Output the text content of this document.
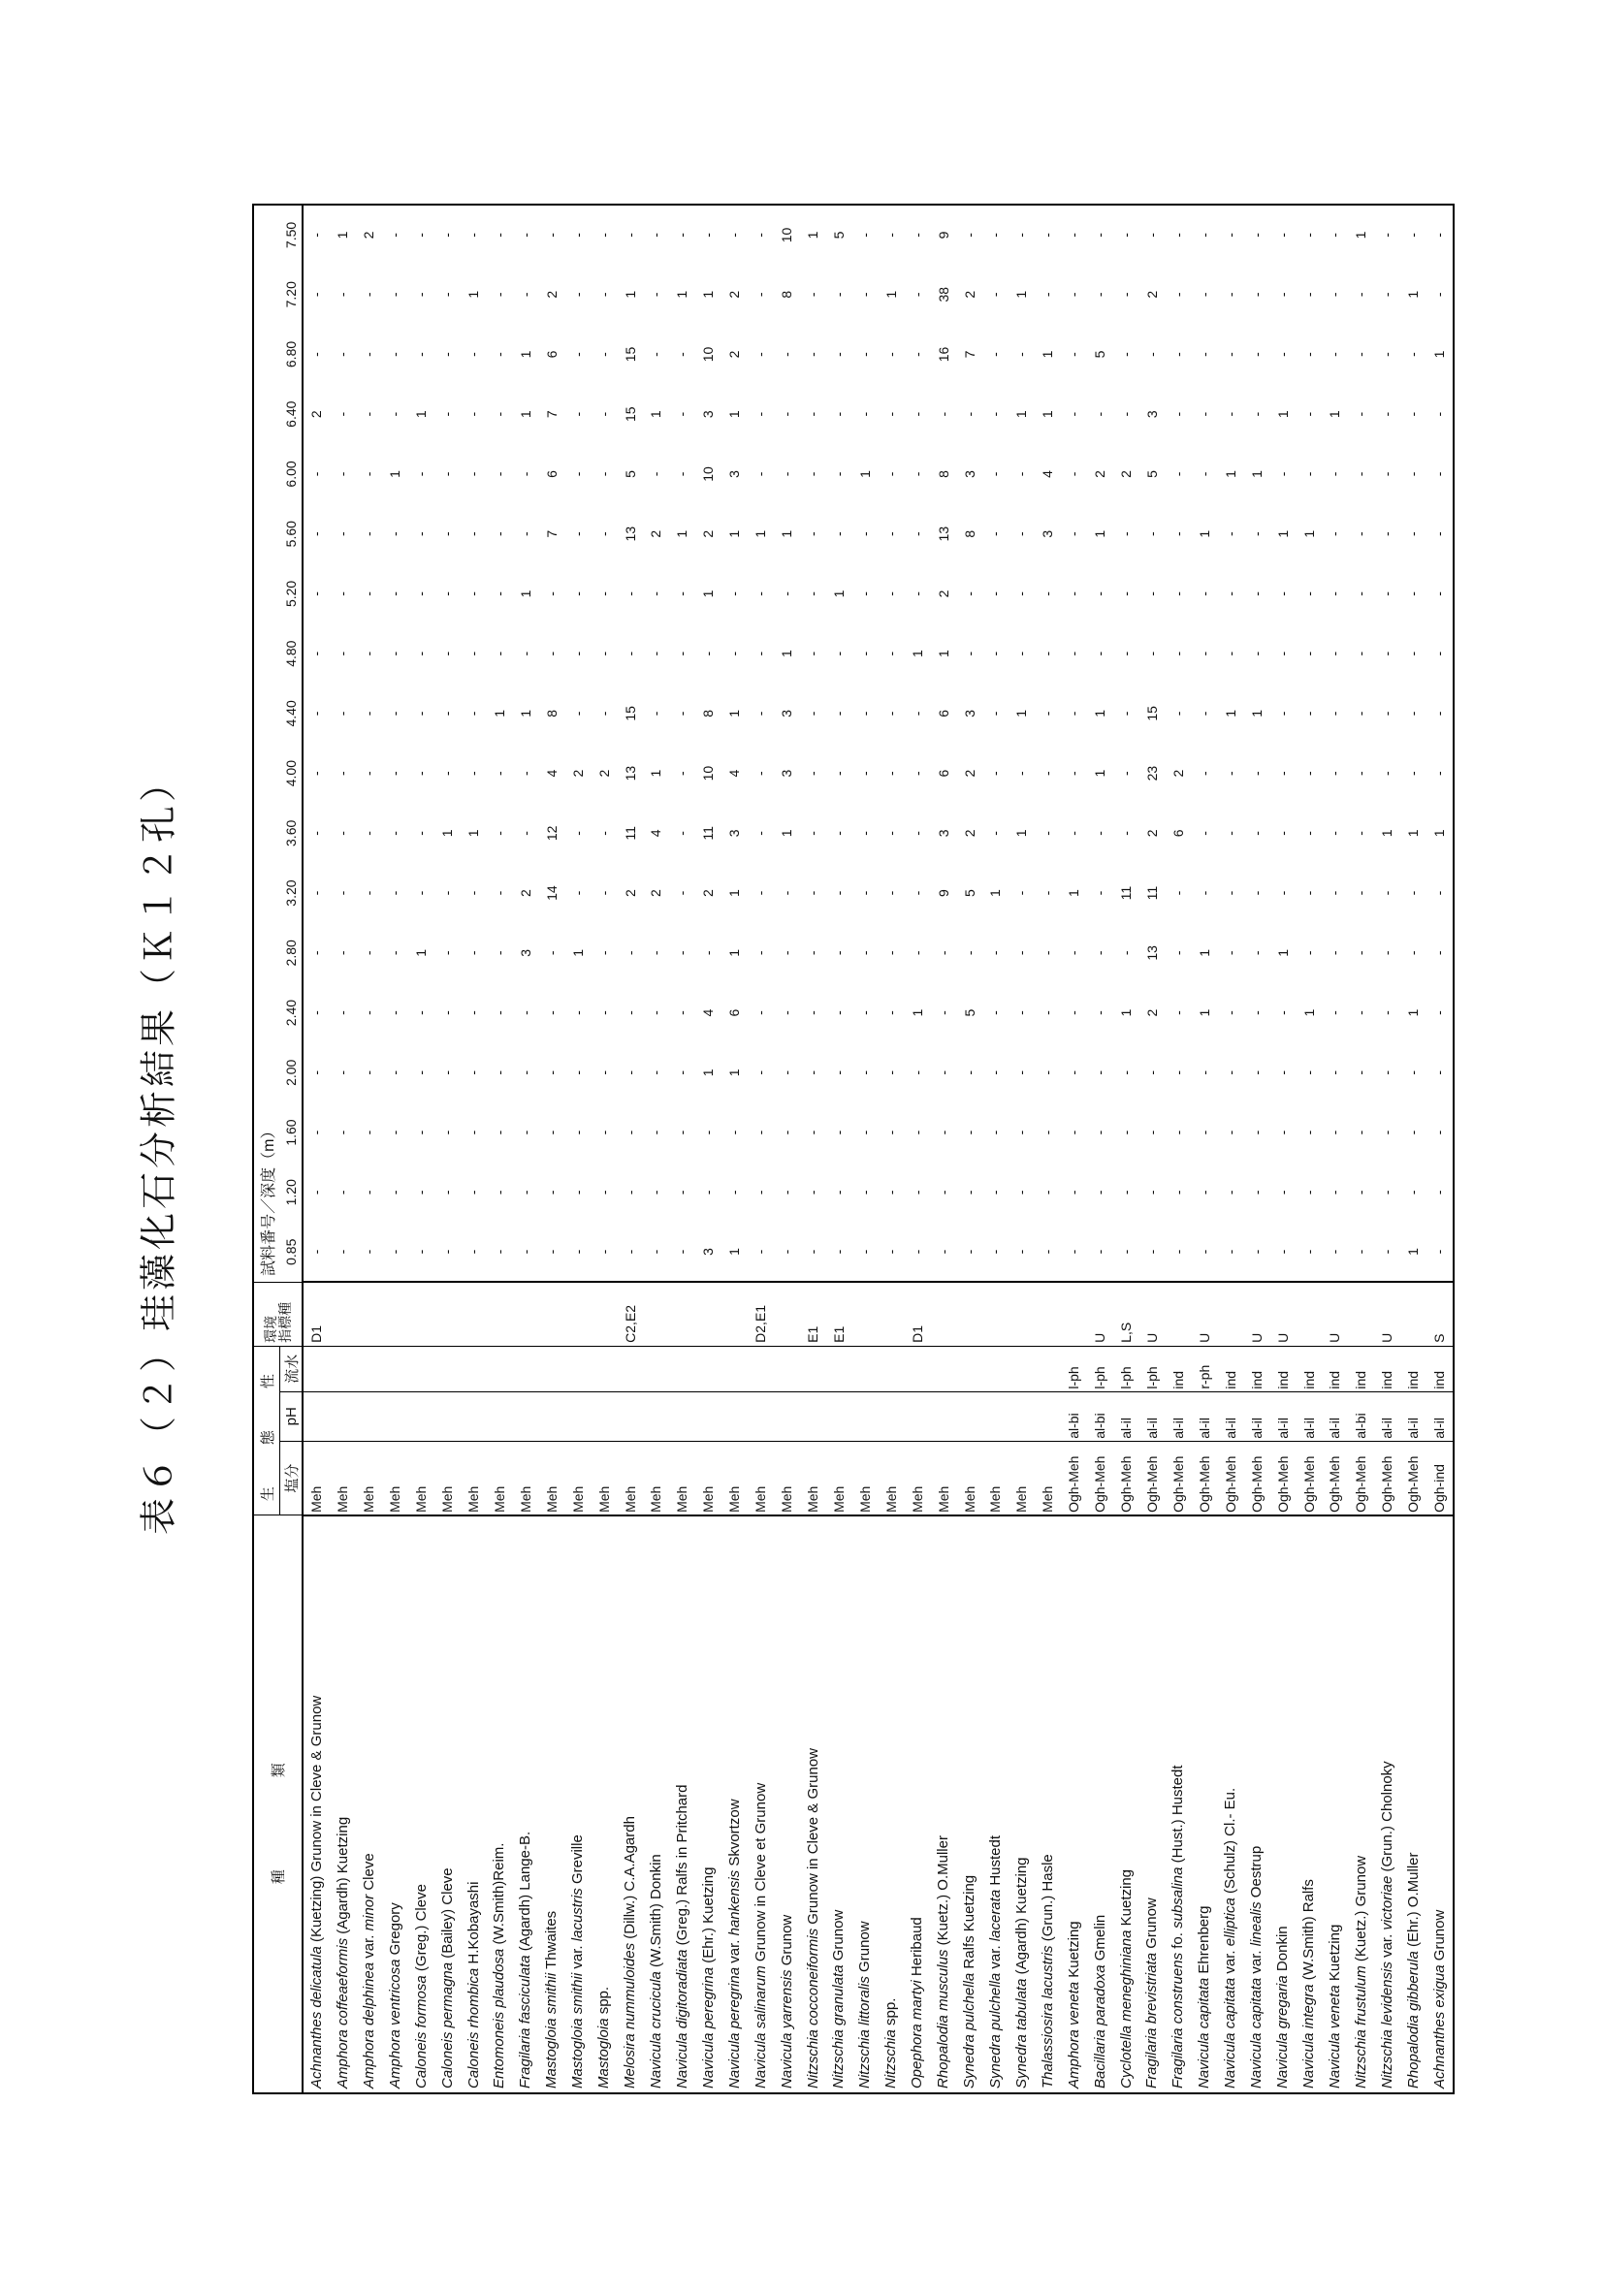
表６（２）珪藻化石分析結果（Ｋ１２孔）
種　類	生　態　性			環境
指標種	試料番号／深度（m）																	
	塩分	pH	流水		0.85	1.20	1.60	2.00	2.40	2.80	3.20	3.60	4.00	4.40	4.80	5.20	5.60	6.00	6.40	6.80	7.20	7.50
Achnanthes delicatula (Kuetzing) Grunow in Cleve & Grunow	Meh			D1	-	-	-	-	-	-	-	-	-	-	-	-	-	-	2	-	-	-
Amphora coffeaeformis (Agardh) Kuetzing	Meh				-	-	-	-	-	-	-	-	-	-	-	-	-	-	-	-	-	1
Amphora delphinea var. minor Cleve	Meh				-	-	-	-	-	-	-	-	-	-	-	-	-	-	-	-	-	2
Amphora ventricosa Gregory	Meh				-	-	-	-	-	-	-	-	-	-	-	-	-	1	-	-	-	-
Caloneis formosa (Greg.) Cleve	Meh				-	-	-	-	-	1	-	-	-	-	-	-	-	-	1	-	-	-
Caloneis permagna (Bailey) Cleve	Meh				-	-	-	-	-	-	-	1	-	-	-	-	-	-	-	-	-	-
Caloneis rhombica H.Kobayashi	Meh				-	-	-	-	-	-	-	1	-	-	-	-	-	-	-	-	1	-
Entomoneis plaudosa (W.Smith)Reim.	Meh				-	-	-	-	-	-	-	-	-	1	-	-	-	-	-	-	-	-
Fragilaria fasciculata (Agardh) Lange-B.	Meh				-	-	-	-	-	3	2	-	-	1	-	1	-	-	1	1	-	-
Mastogloia smithii Thwaites	Meh				-	-	-	-	-	-	14	12	4	8	-	-	7	6	7	6	2	-
Mastogloia smithii var. lacustris Greville	Meh				-	-	-	-	-	1	-	-	2	-	-	-	-	-	-	-	-	-
Mastogloia spp.	Meh				-	-	-	-	-	-	-	-	2	-	-	-	-	-	-	-	-	-
Melosira nummuloides (Dillw.) C.A.Agardh	Meh			C2,E2	-	-	-	-	-	-	2	11	13	15	-	-	13	5	15	15	1	-
Navicula crucicula (W.Smith) Donkin	Meh				-	-	-	-	-	-	2	4	1	-	-	-	2	-	1	-	-	-
Navicula digitoradiata (Greg.) Ralfs in Pritchard	Meh				-	-	-	-	-	-	-	-	-	-	-	-	1	-	-	-	1	-
Navicula peregrina (Ehr.) Kuetzing	Meh				3	-	-	1	4	-	2	11	10	8	-	1	2	10	3	10	1	-
Navicula peregrina var. hankensis Skvortzow	Meh				1	-	-	1	6	1	1	3	4	1	-	-	1	3	1	2	2	-
Navicula salinarum Grunow in Cleve et Grunow	Meh			D2,E1	-	-	-	-	-	-	-	-	-	-	-	-	1	-	-	-	-	-
Navicula yarrensis Grunow	Meh				-	-	-	-	-	-	-	1	3	3	1	-	1	-	-	-	8	10
Nitzschia cocconeiformis Grunow in Cleve & Grunow	Meh			E1	-	-	-	-	-	-	-	-	-	-	-	-	-	-	-	-	-	1
Nitzschia granulata Grunow	Meh			E1	-	-	-	-	-	-	-	-	-	-	-	1	-	-	-	-	-	5
Nitzschia littoralis Grunow	Meh				-	-	-	-	-	-	-	-	-	-	-	-	-	1	-	-	-	-
Nitzschia spp.	Meh				-	-	-	-	-	-	-	-	-	-	-	-	-	-	-	-	1	-
Opephora martyi Heribaud	Meh			D1	-	-	-	-	1	-	-	-	-	-	1	-	-	-	-	-	-	-
Rhopalodia musculus (Kuetz.) O.Muller	Meh				-	-	-	-	-	-	9	3	6	6	1	2	13	8	-	16	38	9
Synedra pulchella Ralfs Kuetzing	Meh				-	-	-	-	5	-	5	2	2	3	-	-	8	3	-	7	2	-
Synedra pulchella var. lacerata Hustedt	Meh				-	-	-	-	-	-	1	-	-	-	-	-	-	-	-	-	-	-
Synedra tabulata (Agardh) Kuetzing	Meh				-	-	-	-	-	-	-	1	-	1	-	-	-	-	1	-	1	-
Thalassiosira lacustris (Grun.) Hasle	Meh				-	-	-	-	-	-	-	-	-	-	-	-	3	4	1	1	-	-
Amphora veneta Kuetzing	Ogh-Meh	al-bi	l-ph		-	-	-	-	-	-	1	-	-	-	-	-	-	-	-	-	-	-
Bacillaria paradoxa Gmelin	Ogh-Meh	al-bi	l-ph	U	-	-	-	-	-	-	-	-	1	1	-	-	1	2	-	5	-	-
Cyclotella meneghiniana Kuetzing	Ogh-Meh	al-il	l-ph	L,S	-	-	-	-	1	-	11	-	-	-	-	-	-	2	-	-	-	-
Fragilaria brevistriata Grunow	Ogh-Meh	al-il	l-ph	U	-	-	-	-	2	13	11	2	23	15	-	-	-	5	3	-	2	-
Fragilaria construens fo. subsalina (Hust.) Hustedt	Ogh-Meh	al-il	ind		-	-	-	-	-	-	-	6	2	-	-	-	-	-	-	-	-	-
Navicula capitata Ehrenberg	Ogh-Meh	al-il	r-ph	U	-	-	-	-	1	1	-	-	-	-	-	-	1	-	-	-	-	-
Navicula capitata var. elliptica (Schulz) Cl.- Eu.	Ogh-Meh	al-il	ind		-	-	-	-	-	-	-	-	-	1	-	-	-	1	-	-	-	-
Navicula capitata var. linealis Oestrup	Ogh-Meh	al-il	ind	U	-	-	-	-	-	-	-	-	-	1	-	-	-	1	-	-	-	-
Navicula gregaria Donkin	Ogh-Meh	al-il	ind	U	-	-	-	-	-	1	-	-	-	-	-	-	1	-	1	-	-	-
Navicula integra (W.Smith) Ralfs	Ogh-Meh	al-il	ind		-	-	-	-	1	-	-	-	-	-	-	-	1	-	-	-	-	-
Navicula veneta Kuetzing	Ogh-Meh	al-il	ind	U	-	-	-	-	-	-	-	-	-	-	-	-	-	-	1	-	-	-
Nitzschia frustulum (Kuetz.) Grunow	Ogh-Meh	al-bi	ind		-	-	-	-	-	-	-	-	-	-	-	-	-	-	-	-	-	1
Nitzschia levidensis var. victoriae (Grun.) Cholnoky	Ogh-Meh	al-il	ind	U	-	-	-	-	-	-	-	1	-	-	-	-	-	-	-	-	-	-
Rhopalodia gibberula (Ehr.) O.Muller	Ogh-Meh	al-il	ind		1	-	-	-	1	-	-	1	-	-	-	-	-	-	-	-	1	-
Achnanthes exigua Grunow	Ogh-ind	al-il	ind	S	-	-	-	-	-	-	-	1	-	-	-	-	-	-	-	1	-	-
